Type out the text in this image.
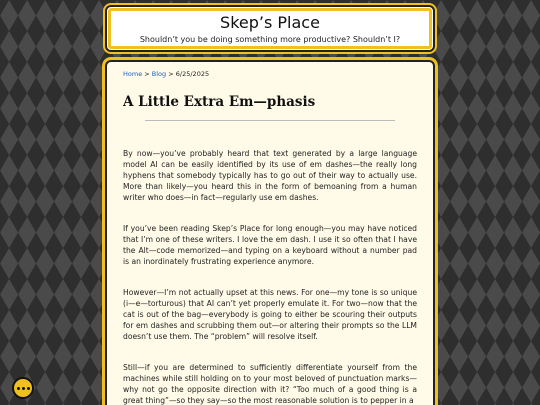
Skep’s Place
Shouldn’t you be doing something more productive? Shouldn’t I?
Home > Blog > 6/25/2025
A Little Extra Em—phasis

By now—you’ve probably heard that text generated by a large language model AI can be easily identified by its use of em dashes—the really long hyphens that somebody typically has to go out of their way to actually use. More than likely—you heard this in the form of bemoaning from a human writer who does—in fact—regularly use em dashes.

If you’ve been reading Skep’s Place for long enough—you may have noticed that I’m one of these writers. I love the em dash. I use it so often that I have the Alt—code memorized—and typing on a keyboard without a number pad is an inordinately frustrating experience anymore.

However—I’m not actually upset at this news. For one—my tone is so unique (i—e—torturous) that AI can’t yet properly emulate it. For two—now that the cat is out of the bag—everybody is going to either be scouring their outputs for em dashes and scrubbing them out—or altering their prompts so the LLM doesn’t use them. The “problem” will resolve itself.

Still—if you are determined to sufficiently differentiate yourself from the machines while still holding on to your most beloved of punctuation marks—why not go the opposite direction with it? “Too much of a good thing is a great thing”—so they say—so the most reasonable solution is to pepper in a
